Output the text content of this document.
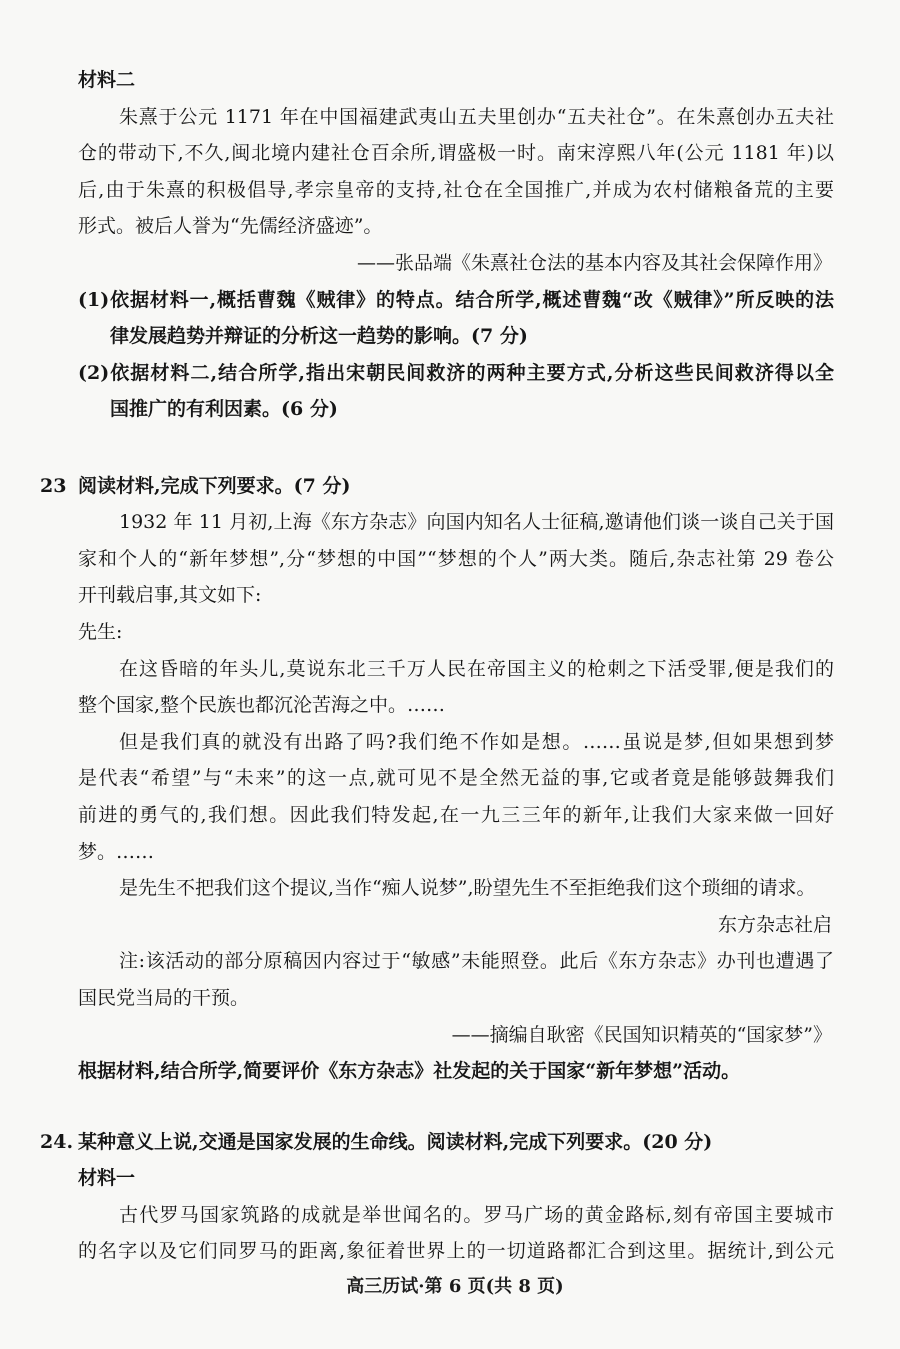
材料二
朱熹于公元 1171 年在中国福建武夷山五夫里创办“五夫社仓”。在朱熹创办五夫社
仓的带动下,不久,闽北境内建社仓百余所,谓盛极一时。南宋淳熙八年(公元 1181 年)以
后,由于朱熹的积极倡导,孝宗皇帝的支持,社仓在全国推广,并成为农村储粮备荒的主要
形式。被后人誉为“先儒经济盛迹”。
——张品端《朱熹社仓法的基本内容及其社会保障作用》
(1)依据材料一,概括曹魏《贼律》的特点。结合所学,概述曹魏“改《贼律》”所反映的法
律发展趋势并辩证的分析这一趋势的影响。(7 分)
(2)依据材料二,结合所学,指出宋朝民间救济的两种主要方式,分析这些民间救济得以全
国推广的有利因素。(6 分)
23 阅读材料,完成下列要求。(7 分)
1932 年 11 月初,上海《东方杂志》向国内知名人士征稿,邀请他们谈一谈自己关于国
家和个人的“新年梦想”,分“梦想的中国”“梦想的个人”两大类。随后,杂志社第 29 卷公
开刊载启事,其文如下:
先生:
在这昏暗的年头儿,莫说东北三千万人民在帝国主义的枪刺之下活受罪,便是我们的
整个国家,整个民族也都沉沦苦海之中。……
但是我们真的就没有出路了吗?我们绝不作如是想。……虽说是梦,但如果想到梦
是代表“希望”与“未来”的这一点,就可见不是全然无益的事,它或者竟是能够鼓舞我们
前进的勇气的,我们想。因此我们特发起,在一九三三年的新年,让我们大家来做一回好
梦。……
是先生不把我们这个提议,当作“痴人说梦”,盼望先生不至拒绝我们这个琐细的请求。
东方杂志社启
注:该活动的部分原稿因内容过于“敏感”未能照登。此后《东方杂志》办刊也遭遇了
国民党当局的干预。
——摘编自耿密《民国知识精英的“国家梦”》
根据材料,结合所学,简要评价《东方杂志》社发起的关于国家“新年梦想”活动。
24. 某种意义上说,交通是国家发展的生命线。阅读材料,完成下列要求。(20 分)
材料一
古代罗马国家筑路的成就是举世闻名的。罗马广场的黄金路标,刻有帝国主要城市
的名字以及它们同罗马的距离,象征着世界上的一切道路都汇合到这里。据统计,到公元
高三历试·第 6 页(共 8 页)
